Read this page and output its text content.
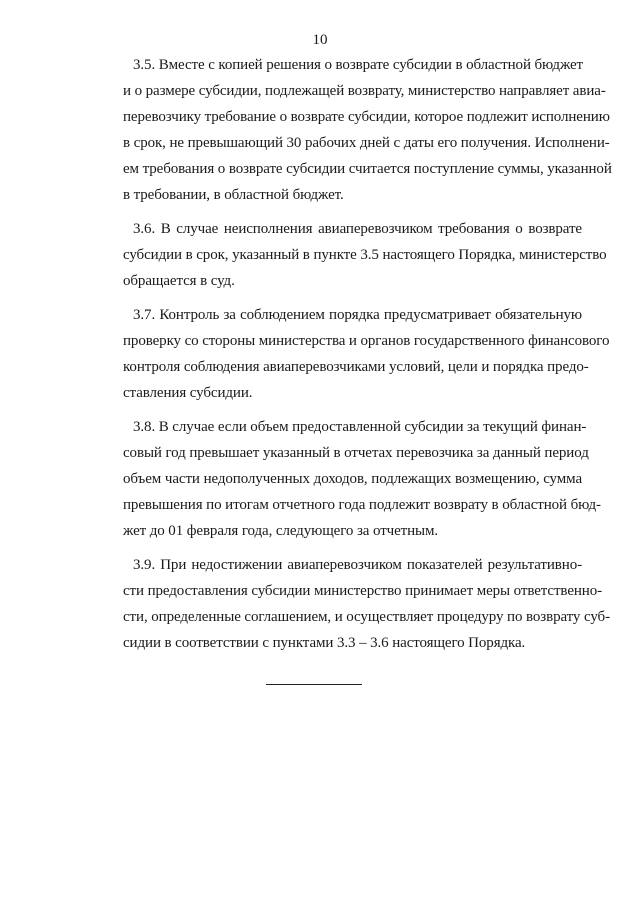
10
3.5. Вместе с копией решения о возврате субсидии в областной бюджет
и о размере субсидии, подлежащей возврату, министерство направляет авиа-
перевозчику требование о возврате субсидии, которое подлежит исполнению
в срок, не превышающий 30 рабочих дней с даты его получения. Исполнени-
ем требования о возврате субсидии считается поступление суммы, указанной
в требовании, в областной бюджет.
3.6. В случае неисполнения авиаперевозчиком требования о возврате
субсидии в срок, указанный в пункте 3.5 настоящего Порядка, министерство
обращается в суд.
3.7. Контроль за соблюдением порядка предусматривает обязательную
проверку со стороны министерства и органов государственного финансового
контроля соблюдения авиаперевозчиками условий, цели и порядка предо-
ставления субсидии.
3.8. В случае если объем предоставленной субсидии за текущий финан-
совый год превышает указанный в отчетах перевозчика за данный период
объем части недополученных доходов, подлежащих возмещению, сумма
превышения по итогам отчетного года подлежит возврату в областной бюд-
жет до 01 февраля года, следующего за отчетным.
3.9. При недостижении авиаперевозчиком показателей результативно-
сти предоставления субсидии министерство принимает меры ответственно-
сти, определенные соглашением, и осуществляет процедуру по возврату суб-
сидии в соответствии с пунктами 3.3 – 3.6 настоящего Порядка.
